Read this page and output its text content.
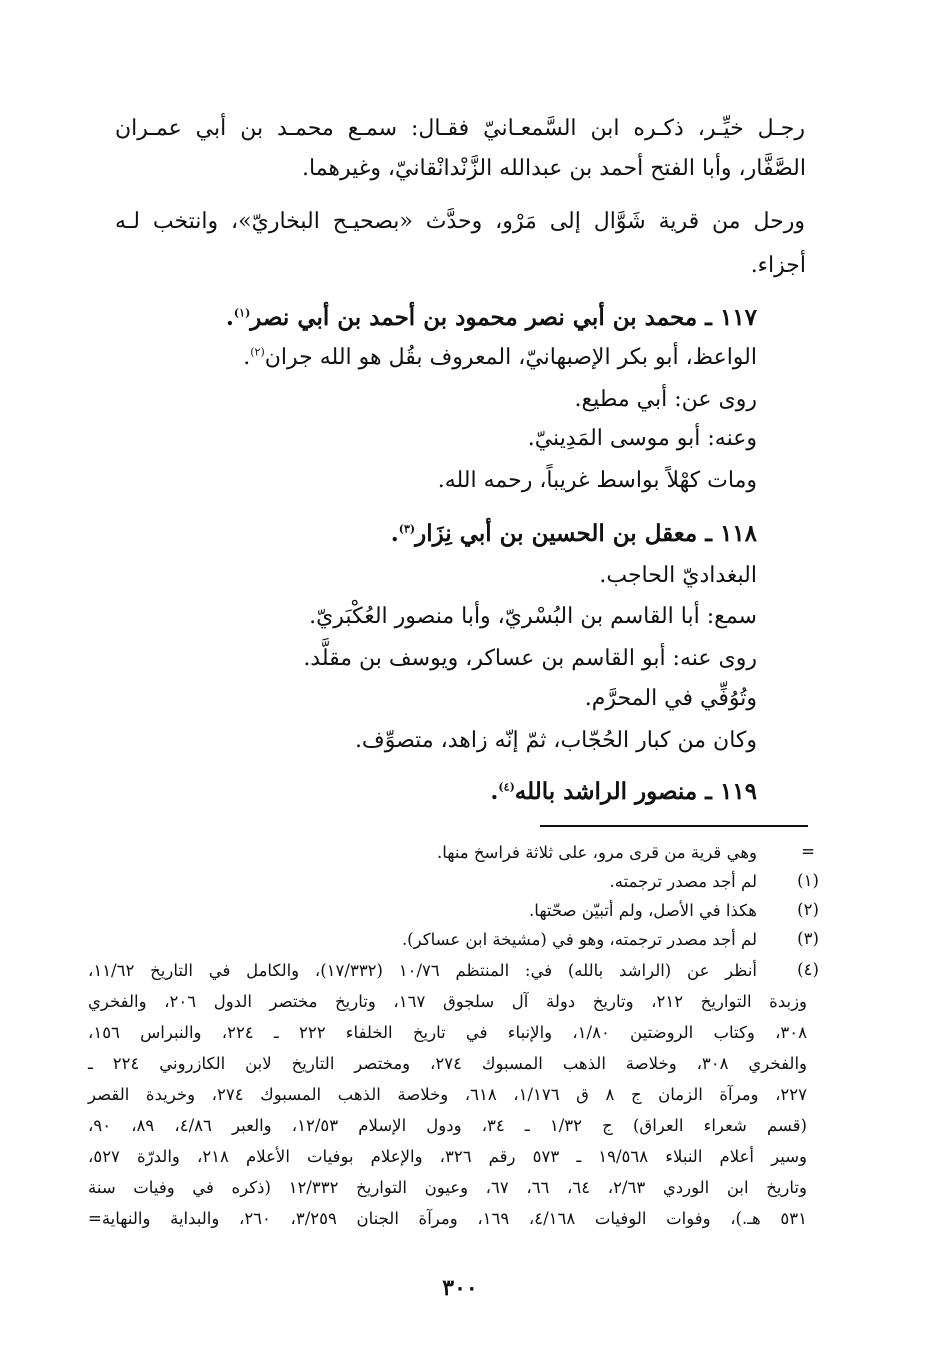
رجـل خيِّـر، ذكـره ابن السَّمعـانيّ فقـال: سمـع محمـد بن أبي عمـران
الصَّفَّار، وأبا الفتح أحمد بن عبدالله الزَّنْدانْقانيّ، وغيرهما.
ورحل من قرية شَوَّال إلى مَرْو، وحدَّث «بصحيـح البخاريّ»، وانتخب لـه
أجزاء.
١١٧ ـ محمد بن أبي نصر محمود بن أحمد بن أبي نصر$^{(١)}$.
الواعظ، أبو بكر الإصبهانيّ، المعروف بقُل هو الله جران$^{(٢)}$.
روى عن: أبي مطيع.
وعنه: أبو موسى المَدِينيّ.
ومات كهْلاً بواسط غريباً، رحمه الله.
١١٨ ـ معقل بن الحسين بن أبي نِزَار$^{(٣)}$.
البغداديّ الحاجب.
سمع: أبا القاسم بن البُسْريّ، وأبا منصور العُكْبَريّ.
روى عنه: أبو القاسم بن عساكر، ويوسف بن مقلَّد.
وتُوُفِّي في المحرَّم.
وكان من كبار الحُجّاب، ثمّ إنّه زاهد، متصوِّف.
١١٩ ـ منصور الراشد بالله$^{(٤)}$.
=
وهي قرية من قرى مرو، على ثلاثة فراسخ منها.
(١)
لم أجد مصدر ترجمته.
(٢)
هكذا في الأصل، ولم أتبيّن صحّتها.
(٣)
لم أجد مصدر ترجمته، وهو في (مشيخة ابن عساكر).
(٤)
أنظر عن (الراشد بالله) في: المنتظم ١٠/٧٦ (١٧/٣٣٢)، والكامل في التاريخ ١١/٦٢،
وزبدة التواريخ ٢١٢، وتاريخ دولة آل سلجوق ١٦٧، وتاريخ مختصر الدول ٢٠٦، والفخري
٣٠٨، وكتاب الروضتين ١/٨٠، والإنباء في تاريخ الخلفاء ٢٢٢ ـ ٢٢٤، والنبراس ١٥٦،
والفخري ٣٠٨، وخلاصة الذهب المسبوك ٢٧٤، ومختصر التاريخ لابن الكازروني ٢٢٤ ـ
٢٢٧، ومرآة الزمان ج ٨ ق ١/١٧٦، ٦١٨، وخلاصة الذهب المسبوك ٢٧٤، وخريدة القصر
(قسم شعراء العراق) ج ١/٣٢ ـ ٣٤، ودول الإسلام ١٢/٥٣، والعبر ٤/٨٦، ٨٩، ٩٠،
وسير أعلام النبلاء ١٩/٥٦٨ ـ ٥٧٣ رقم ٣٢٦، والإعلام بوفيات الأعلام ٢١٨، والدرّة ٥٢٧،
وتاريخ ابن الوردي ٢/٦٣، ٦٤، ٦٦، ٦٧، وعيون التواريخ ١٢/٣٣٢ (ذكره في وفيات سنة
٥٣١ هـ.)، وفوات الوفيات ٤/١٦٨، ١٦٩، ومرآة الجنان ٣/٢٥٩، ٢٦٠، والبداية والنهاية=
٣٠٠
